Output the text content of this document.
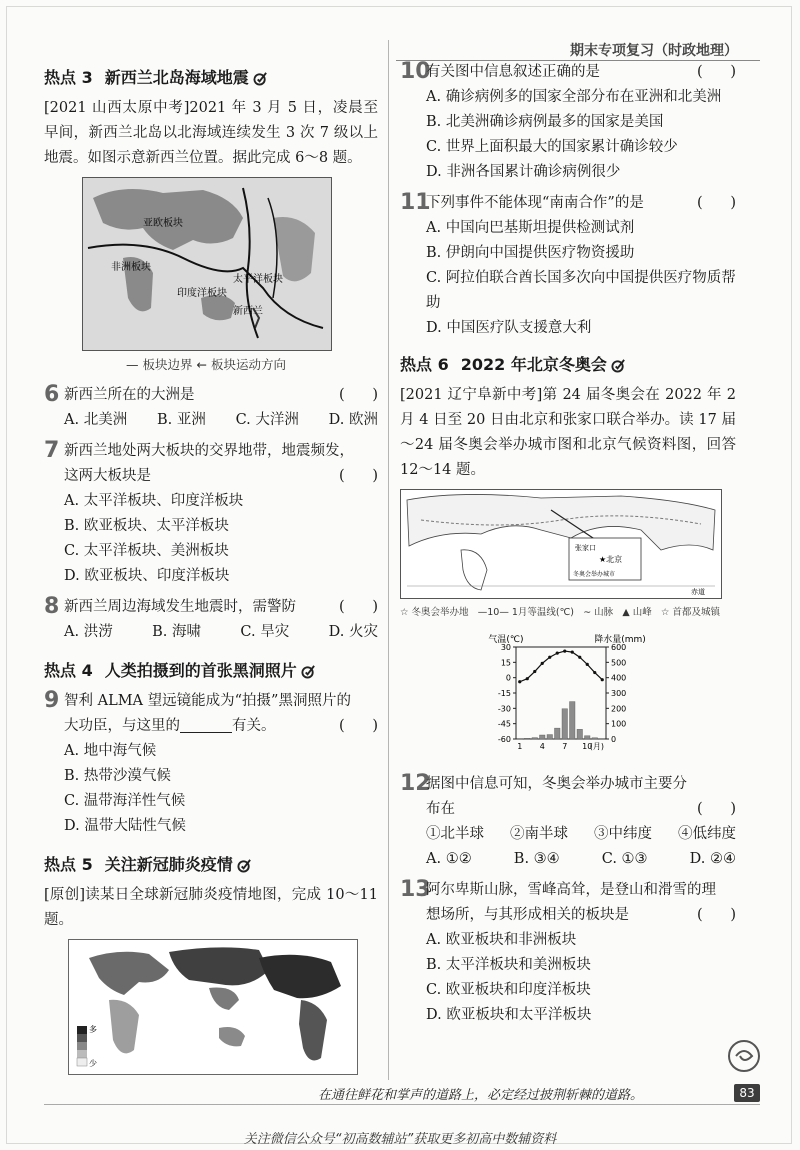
期末专项复习（时政地理）
热点 3 新西兰北岛海域地震
[2021 山西太原中考]2021 年 3 月 5 日，凌晨至早间，新西兰北岛以北海域连续发生 3 次 7 级以上地震。如图示意新西兰位置。据此完成 6～8 题。
亚欧板块
非洲板块
太平洋板块
印度洋板块
新西兰
— 板块边界 ← 板块运动方向
6 新西兰所在的大洲是	(      )
A. 北美洲 B. 亚洲 C. 大洋洲 D. 欧洲
7 新西兰地处两大板块的交界地带，地震频发，
这两大板块是	(      )
A. 太平洋板块、印度洋板块
B. 欧亚板块、太平洋板块
C. 太平洋板块、美洲板块
D. 欧亚板块、印度洋板块
8 新西兰周边海域发生地震时，需警防	(      )
A. 洪涝	B. 海啸	C. 旱灾	D. 火灾
热点 4 人类拍摄到的首张黑洞照片
9 智利 ALMA 望远镜能成为“拍摄”黑洞照片的
大功臣，与这里的	有关。	(      )
A. 地中海气候
B. 热带沙漠气候
C. 温带海洋性气候
D. 温带大陆性气候
热点 5 关注新冠肺炎疫情
[原创]读某日全球新冠肺炎疫情地图，完成 10～11 题。
多
少
10
有关图中信息叙述正确的是	(      )
A. 确诊病例多的国家全部分布在亚洲和北美洲
B. 北美洲确诊病例最多的国家是美国
C. 世界上面积最大的国家累计确诊较少
D. 非洲各国累计确诊病例很少
11
下列事件不能体现“南南合作”的是	(      )
A. 中国向巴基斯坦提供检测试剂
B. 伊朗向中国提供医疗物资援助
C. 阿拉伯联合酋长国多次向中国提供医疗物质帮助
D. 中国医疗队支援意大利
热点 6 2022 年北京冬奥会
[2021 辽宁阜新中考]第 24 届冬奥会在 2022 年 2 月 4 日至 20 日由北京和张家口联合举办。读 17 届～24 届冬奥会举办城市图和北京气候资料图，回答 12～14 题。
★北京
张家口
冬奥会举办城市
赤道
☆ 冬奥会举办地 —10— 1月等温线(℃) ∼ 山脉 ▲ 山峰 ☆ 首都及城镇
气温(℃)	降水量(mm)
30
15
0
-15
-30
-45
-60
600
500
400
300
200
100
0
1 4 7 10
(月)
12
据图中信息可知，冬奥会举办城市主要分
布在	(      )
①北半球 ②南半球 ③中纬度 ④低纬度
A. ①②	B. ③④	C. ①③	D. ②④
13
阿尔卑斯山脉，雪峰高耸，是登山和滑雪的理
想场所，与其形成相关的板块是	(      )
A. 欧亚板块和非洲板块
B. 太平洋板块和美洲板块
C. 欧亚板块和印度洋板块
D. 欧亚板块和太平洋板块
在通往鲜花和掌声的道路上，必定经过披荆斩棘的道路。	83
关注微信公众号“初高数辅站”获取更多初高中数辅资料
